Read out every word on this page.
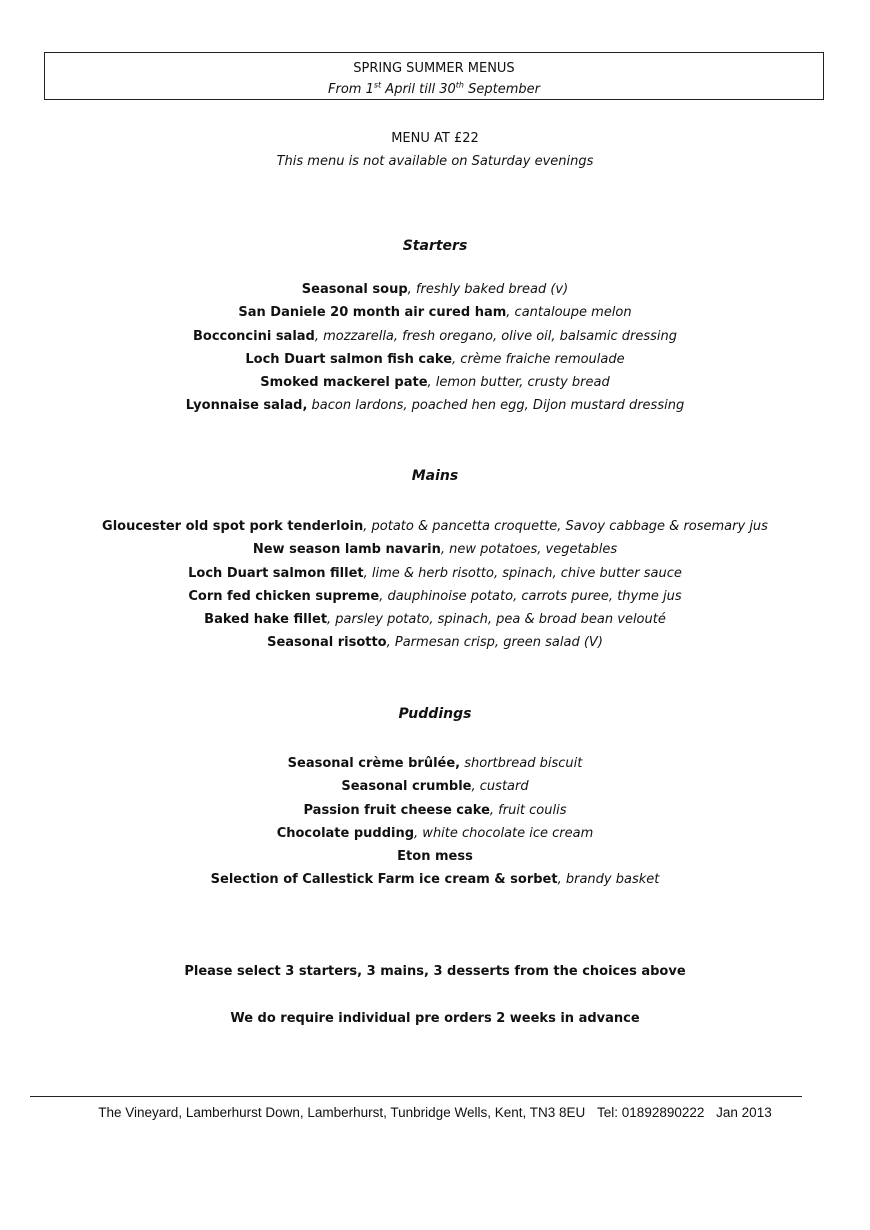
SPRING SUMMER MENUS
From 1st April till 30th September
MENU AT £22
This menu is not available on Saturday evenings
Starters
Seasonal soup, freshly baked bread (v)
San Daniele 20 month air cured ham, cantaloupe melon
Bocconcini salad, mozzarella, fresh oregano, olive oil, balsamic dressing
Loch Duart salmon fish cake, crème fraiche remoulade
Smoked mackerel pate, lemon butter, crusty bread
Lyonnaise salad, bacon lardons, poached hen egg, Dijon mustard dressing
Mains
Gloucester old spot pork tenderloin, potato & pancetta croquette, Savoy cabbage & rosemary jus
New season lamb navarin, new potatoes, vegetables
Loch Duart salmon fillet, lime & herb risotto, spinach, chive butter sauce
Corn fed chicken supreme, dauphinoise potato, carrots puree, thyme jus
Baked hake fillet, parsley potato, spinach, pea & broad bean velouté
Seasonal risotto, Parmesan crisp, green salad (V)
Puddings
Seasonal crème brûlée, shortbread biscuit
Seasonal crumble, custard
Passion fruit cheese cake, fruit coulis
Chocolate pudding, white chocolate ice cream
Eton mess
Selection of Callestick Farm ice cream & sorbet, brandy basket
Please select 3 starters, 3 mains, 3 desserts from the choices above
We do require individual pre orders 2 weeks in advance
The Vineyard, Lamberhurst Down, Lamberhurst, Tunbridge Wells, Kent, TN3 8EU Tel: 01892890222 Jan 2013
